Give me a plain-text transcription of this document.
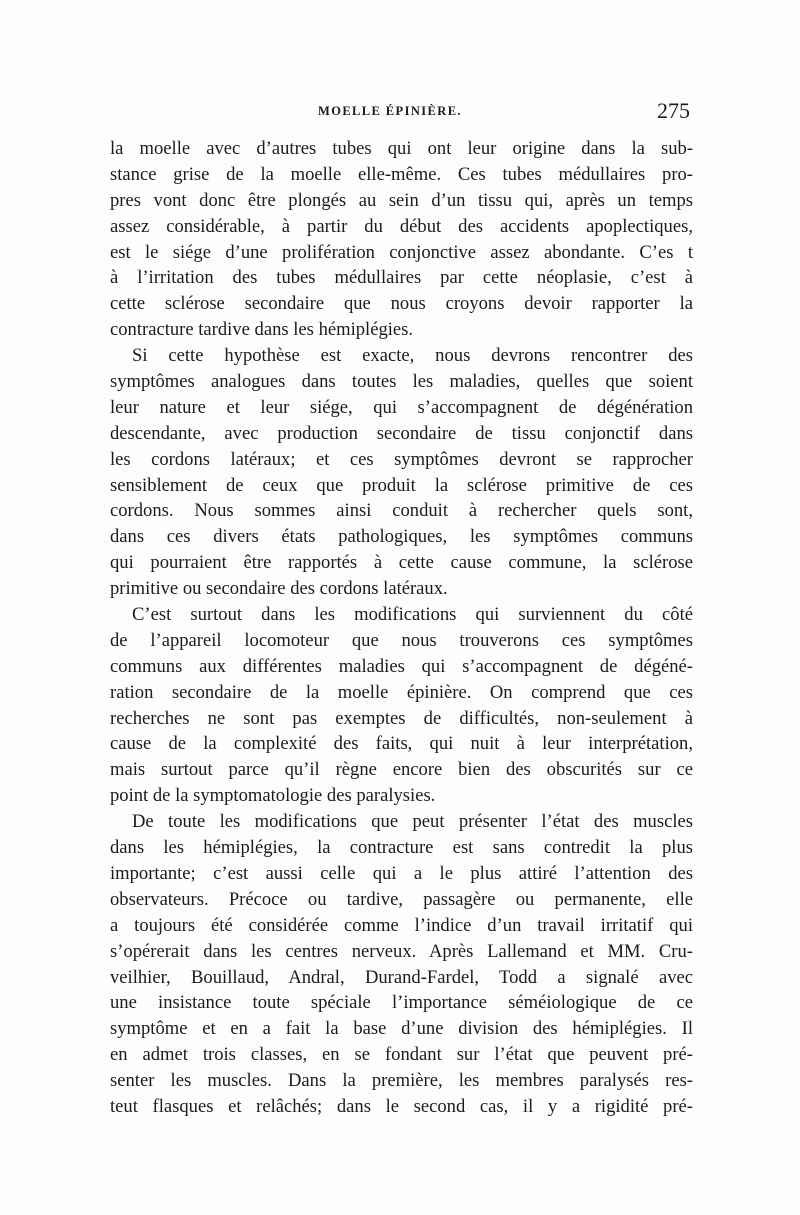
MOELLE ÉPINIÈRE.	275
la moelle avec d’autres tubes qui ont leur origine dans la sub-
stance grise de la moelle elle-même. Ces tubes médullaires pro-
pres vont donc être plongés au sein d’un tissu qui, après un temps
assez considérable, à partir du début des accidents apoplectiques,
est le siége d’une prolifération conjonctive assez abondante. C’es t
à l’irritation des tubes médullaires par cette néoplasie, c’est à
cette sclérose secondaire que nous croyons devoir rapporter la
contracture tardive dans les hémiplégies.
Si cette hypothèse est exacte, nous devrons rencontrer des
symptômes analogues dans toutes les maladies, quelles que soient
leur nature et leur siége, qui s’accompagnent de dégénération
descendante, avec production secondaire de tissu conjonctif dans
les cordons latéraux; et ces symptômes devront se rapprocher
sensiblement de ceux que produit la sclérose primitive de ces
cordons. Nous sommes ainsi conduit à rechercher quels sont,
dans ces divers états pathologiques, les symptômes communs
qui pourraient être rapportés à cette cause commune, la sclérose
primitive ou secondaire des cordons latéraux.
C’est surtout dans les modifications qui surviennent du côté
de l’appareil locomoteur que nous trouverons ces symptômes
communs aux différentes maladies qui s’accompagnent de dégéné-
ration secondaire de la moelle épinière. On comprend que ces
recherches ne sont pas exemptes de difficultés, non-seulement à
cause de la complexité des faits, qui nuit à leur interprétation,
mais surtout parce qu’il règne encore bien des obscurités sur ce
point de la symptomatologie des paralysies.
De toute les modifications que peut présenter l’état des muscles
dans les hémiplégies, la contracture est sans contredit la plus
importante; c’est aussi celle qui a le plus attiré l’attention des
observateurs. Précoce ou tardive, passagère ou permanente, elle
a toujours été considérée comme l’indice d’un travail irritatif qui
s’opérerait dans les centres nerveux. Après Lallemand et MM. Cru-
veilhier, Bouillaud, Andral, Durand-Fardel, Todd a signalé avec
une insistance toute spéciale l’importance séméiologique de ce
symptôme et en a fait la base d’une division des hémiplégies. Il
en admet trois classes, en se fondant sur l’état que peuvent pré-
senter les muscles. Dans la première, les membres paralysés res-
teut flasques et relâchés; dans le second cas, il y a rigidité pré-
